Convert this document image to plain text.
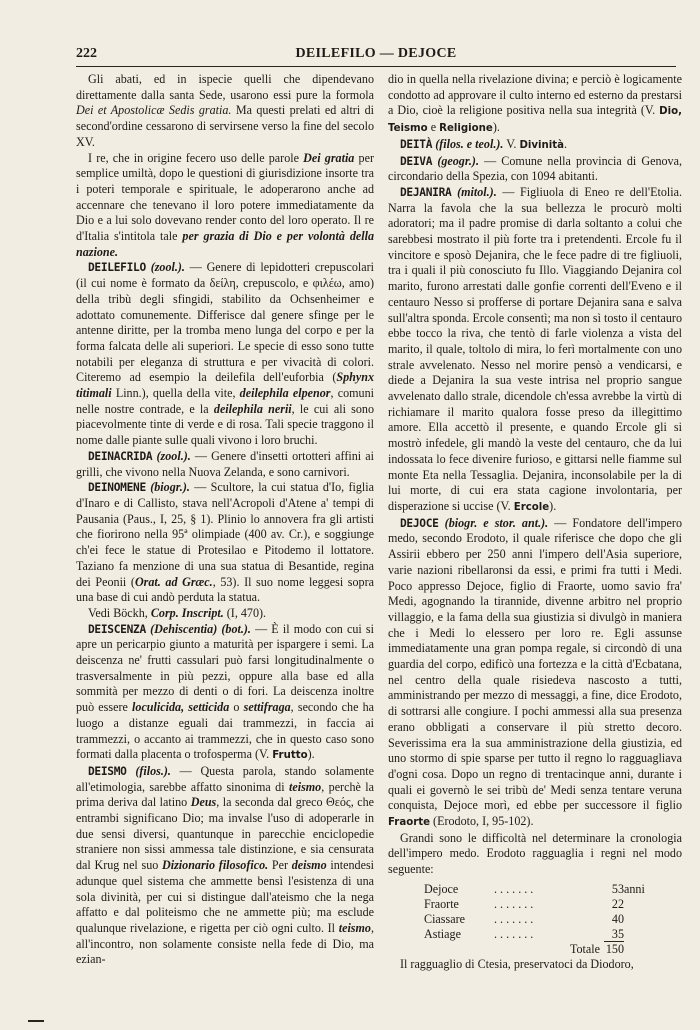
222	DEILEFILO — DEJOCE

Gli abati, ed in ispecie quelli che dipendevano direttamente dalla santa Sede, usarono essi pure la formola Dei et Apostolicæ Sedis gratia. Ma questi prelati ed altri di second'ordine cessarono di servirsene verso la fine del secolo XV.

I re, che in origine fecero uso delle parole Dei gratia per semplice umiltà, dopo le questioni di giurisdizione insorte tra i poteri temporale e spirituale, le adoperarono anche ad accennare che tenevano il loro potere immediatamente da Dio e a lui solo dovevano render conto del loro operato. Il re d'Italia s'intitola tale per grazia di Dio e per volontà della nazione.

DEILEFILO (zool.). — Genere di lepidotteri crepuscolari (il cui nome è formato da δείλη, crepuscolo, e φιλέω, amo) della tribù degli sfingidi, stabilito da Ochsenheimer e adottato comunemente. Differisce dal genere sfinge per le antenne diritte, per la tromba meno lunga del corpo e per la forma falcata delle ali superiori. Le specie di esso sono tutte notabili per eleganza di struttura e per vivacità di colori. Citeremo ad esempio la deilefila dell'euforbia (Sphynx titimali Linn.), quella della vite, deilephila elpenor, comuni nelle nostre contrade, e la deilephila nerii, le cui ali sono piacevolmente tinte di verde e di rosa. Tali specie traggono il nome dalle piante sulle quali vivono i loro bruchi.

DEINACRIDA (zool.). — Genere d'insetti ortotteri affini ai grilli, che vivono nella Nuova Zelanda, e sono carnivori.

DEINOMENE (biogr.). — Scultore, la cui statua d'Io, figlia d'Inaro e di Callisto, stava nell'Acropoli d'Atene a' tempi di Pausania (Paus., I, 25, § 1). Plinio lo annovera fra gli artisti che fiorirono nella 95ª olimpiade (400 av. Cr.), e soggiunge ch'ei fece le statue di Protesilao e Pitodemo il lottatore. Taziano fa menzione di una sua statua di Besantide, regina dei Peonii (Orat. ad Græc., 53). Il suo nome leggesi sopra una base di cui andò perduta la statua.

Vedi Böckh, Corp. Inscript. (I, 470).

DEISCENZA (Dehiscentia) (bot.). — È il modo con cui si apre un pericarpio giunto a maturità per ispargere i semi. La deiscenza ne' frutti cassulari può farsi longitudinalmente o trasversalmente in più pezzi, oppure alla base ed alla sommità per mezzo di denti o di fori. La deiscenza inoltre può essere loculicida, setticida o settifraga, secondo che ha luogo a distanze eguali dai trammezzi, in faccia ai trammezzi, o accanto ai trammezzi, che in questo caso sono formati dalla placenta o trofosperma (V. Frutto).

DEISMO (filos.). — Questa parola, stando solamente all'etimologia, sarebbe affatto sinonima di teismo, perchè la prima deriva dal latino Deus, la seconda dal greco Θεός, che entrambi significano Dio; ma invalse l'uso di adoperarle in due sensi diversi, quantunque in parecchie enciclopedie straniere non sissi ammessa tale distinzione, e sia censurata dal Krug nel suo Dizionario filosofico. Per deismo intendesi adunque quel sistema che ammette bensì l'esistenza di una sola divinità, per cui si distingue dall'ateismo che la nega affatto e dal politeismo che ne ammette più; ma esclude qualunque rivelazione, e rigetta per ciò ogni culto. Il teismo, all'incontro, non solamente consiste nella fede di Dio, ma ezian-

dio in quella nella rivelazione divina; e perciò è logicamente condotto ad approvare il culto interno ed esterno da prestarsi a Dio, cioè la religione positiva nella sua integrità (V. Dio, Teismo e Religione).

DEITÀ (filos. e teol.). V. Divinità.

DEIVA (geogr.). — Comune nella provincia di Genova, circondario della Spezia, con 1094 abitanti.

DEJANIRA (mitol.). — Figliuola di Eneo re dell'Etolia. Narra la favola che la sua bellezza le procurò molti adoratori; ma il padre promise di darla soltanto a colui che sarebbesi mostrato il più forte tra i pretendenti. Ercole fu il vincitore e sposò Dejanira, che le fece padre di tre figliuoli, tra i quali il più conosciuto fu Illo. Viaggiando Dejanira col marito, furono arrestati dalle gonfie correnti dell'Eveno e il centauro Nesso si profferse di portare Dejanira sana e salva sull'altra sponda. Ercole consentì; ma non sì tosto il centauro ebbe tocco la riva, che tentò di farle violenza a vista del marito, il quale, toltolo di mira, lo ferì mortalmente con uno strale avvelenato. Nesso nel morire pensò a vendicarsi, e diede a Dejanira la sua veste intrisa nel proprio sangue avvelenato dallo strale, dicendole ch'essa avrebbe la virtù di richiamare il marito qualora fosse preso da illegittimo amore. Ella accettò il presente, e quando Ercole gli si mostrò infedele, gli mandò la veste del centauro, che da lui indossata lo fece divenire furioso, e gittarsi nelle fiamme sul monte Eta nella Tessaglia. Dejanira, inconsolabile per la di lui morte, di cui era stata cagione involontaria, per disperazione si uccise (V. Ercole).

DEJOCE (biogr. e stor. ant.). — Fondatore dell'impero medo, secondo Erodoto, il quale riferisce che dopo che gli Assirii ebbero per 250 anni l'impero dell'Asia superiore, varie nazioni ribellaronsi da essi, e primi fra tutti i Medi. Poco appresso Dejoce, figlio di Fraorte, uomo savio fra' Medi, agognando la tirannide, divenne arbitro nel proprio villaggio, e la fama della sua giustizia si divulgò in maniera che i Medi lo elessero per loro re. Egli assunse immediatamente una gran pompa regale, si circondò di una guardia del corpo, edificò una fortezza e la città d'Ecbatana, nel centro della quale risiedeva nascosto a tutti, amministrando per mezzo di messaggi, a fine, dice Erodoto, di sottrarsi alle congiure. I pochi ammessi alla sua presenza erano obbligati a conservare il più stretto decoro. Severissima era la sua amministrazione della giustizia, ed uno stormo di spie sparse per tutto il regno lo ragguagliava d'ogni cosa. Dopo un regno di trentacinque anni, durante i quali ei governò le sei tribù de' Medi senza tentare veruna conquista, Dejoce morì, ed ebbe per successore il figlio Fraorte (Erodoto, I, 95-102).

Grandi sono le difficoltà nel determinare la cronologia dell'impero medo. Erodoto ragguaglia i regni nel modo seguente:

Dejoce	. . . . . . .	53	anni
Fraorte	. . . . . . .	22	
Ciassare	. . . . . . .	40	
Astiage	. . . . . . .	35	
	Totale	150	

Il ragguaglio di Ctesia, preservatoci da Diodoro,
